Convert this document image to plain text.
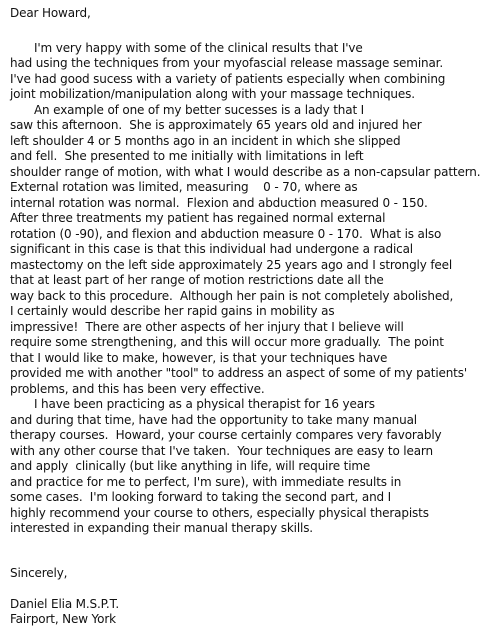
Dear Howard,
I'm very happy with some of the clinical results that I've
had using the techniques from your myofascial release massage seminar.
I've had good sucess with a variety of patients especially when combining
joint mobilization/manipulation along with your massage techniques.
An example of one of my better sucesses is a lady that I
saw this afternoon.  She is approximately 65 years old and injured her
left shoulder 4 or 5 months ago in an incident in which she slipped
and fell.  She presented to me initially with limitations in left
shoulder range of motion, with what I would describe as a non-capsular pattern.
External rotation was limited, measuring    0 - 70, where as
internal rotation was normal.  Flexion and abduction measured 0 - 150.
After three treatments my patient has regained normal external
rotation (0 -90), and flexion and abduction measure 0 - 170.  What is also
significant in this case is that this individual had undergone a radical
mastectomy on the left side approximately 25 years ago and I strongly feel
that at least part of her range of motion restrictions date all the
way back to this procedure.  Although her pain is not completely abolished,
I certainly would describe her rapid gains in mobility as
impressive!  There are other aspects of her injury that I believe will
require some strengthening, and this will occur more gradually.  The point
that I would like to make, however, is that your techniques have
provided me with another "tool" to address an aspect of some of my patients'
problems, and this has been very effective.
I have been practicing as a physical therapist for 16 years
and during that time, have had the opportunity to take many manual
therapy courses.  Howard, your course certainly compares very favorably
with any other course that I've taken.  Your techniques are easy to learn
and apply  clinically (but like anything in life, will require time
and practice for me to perfect, I'm sure), with immediate results in
some cases.  I'm looking forward to taking the second part, and I
highly recommend your course to others, especially physical therapists
interested in expanding their manual therapy skills.
Sincerely,
Daniel Elia M.S.P.T.
Fairport, New York
